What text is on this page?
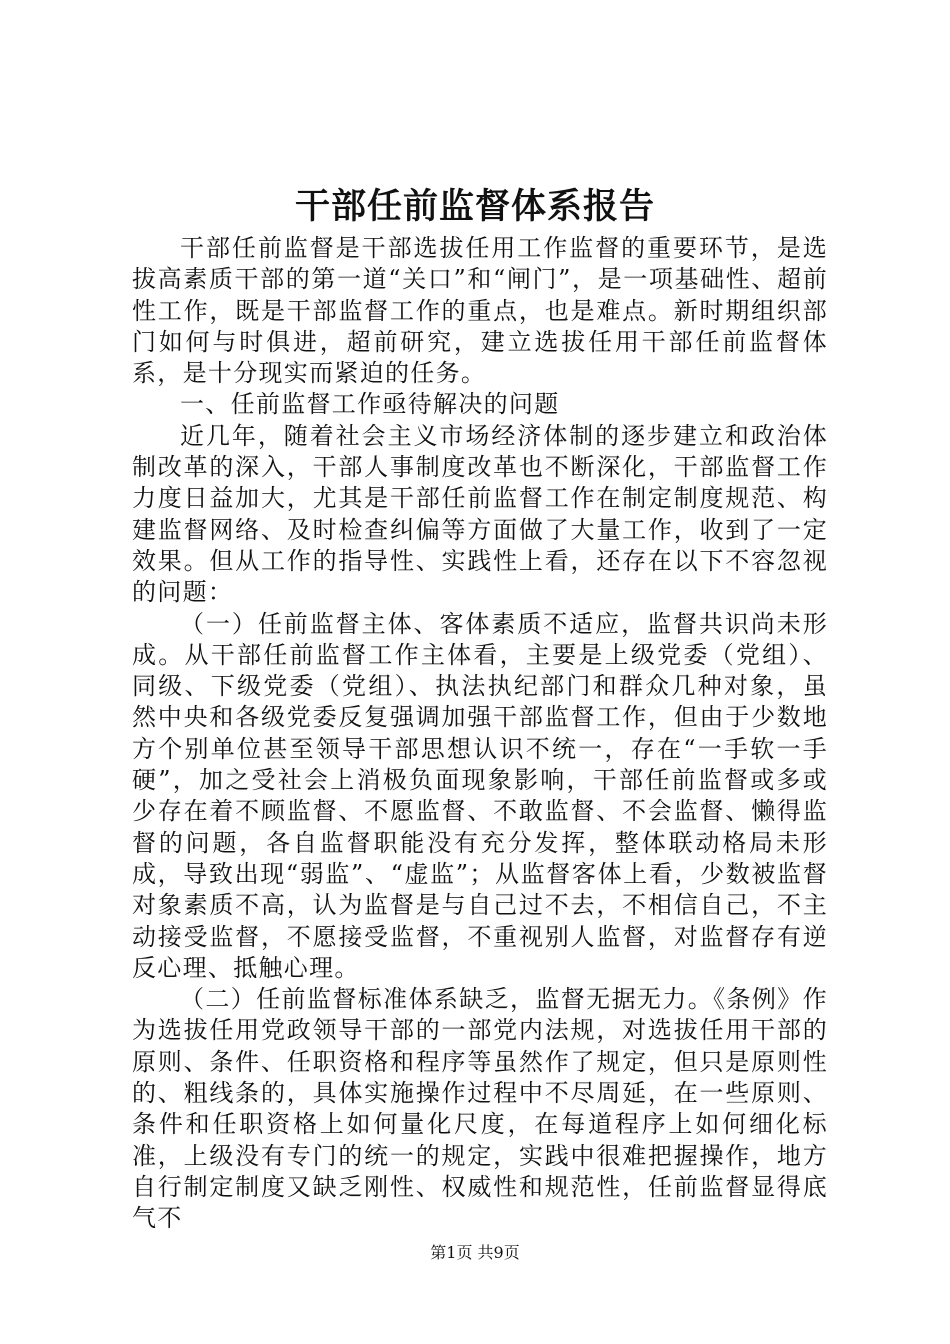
干部任前监督体系报告

干部任前监督是干部选拔任用工作监督的重要环节，是选拔高素质干部的第一道“关口”和“闸门”，是一项基础性、超前性工作，既是干部监督工作的重点，也是难点。新时期组织部门如何与时俱进，超前研究，建立选拔任用干部任前监督体系，是十分现实而紧迫的任务。

一、任前监督工作亟待解决的问题

近几年，随着社会主义市场经济体制的逐步建立和政治体制改革的深入，干部人事制度改革也不断深化，干部监督工作力度日益加大，尤其是干部任前监督工作在制定制度规范、构建监督网络、及时检查纠偏等方面做了大量工作，收到了一定效果。但从工作的指导性、实践性上看，还存在以下不容忽视的问题：

（一）任前监督主体、客体素质不适应，监督共识尚未形成。从干部任前监督工作主体看，主要是上级党委（党组）、同级、下级党委（党组）、执法执纪部门和群众几种对象，虽然中央和各级党委反复强调加强干部监督工作，但由于少数地方个别单位甚至领导干部思想认识不统一，存在“一手软一手硬”，加之受社会上消极负面现象影响，干部任前监督或多或少存在着不顾监督、不愿监督、不敢监督、不会监督、懒得监督的问题，各自监督职能没有充分发挥，整体联动格局未形成，导致出现“弱监”、“虚监”；从监督客体上看，少数被监督对象素质不高，认为监督是与自己过不去，不相信自己，不主动接受监督，不愿接受监督，不重视别人监督，对监督存有逆反心理、抵触心理。

（二）任前监督标准体系缺乏，监督无据无力。《条例》作为选拔任用党政领导干部的一部党内法规，对选拔任用干部的原则、条件、任职资格和程序等虽然作了规定，但只是原则性的、粗线条的，具体实施操作过程中不尽周延，在一些原则、条件和任职资格上如何量化尺度，在每道程序上如何细化标准，上级没有专门的统一的规定，实践中很难把握操作，地方自行制定制度又缺乏刚性、权威性和规范性，任前监督显得底气不

第1页 共9页
